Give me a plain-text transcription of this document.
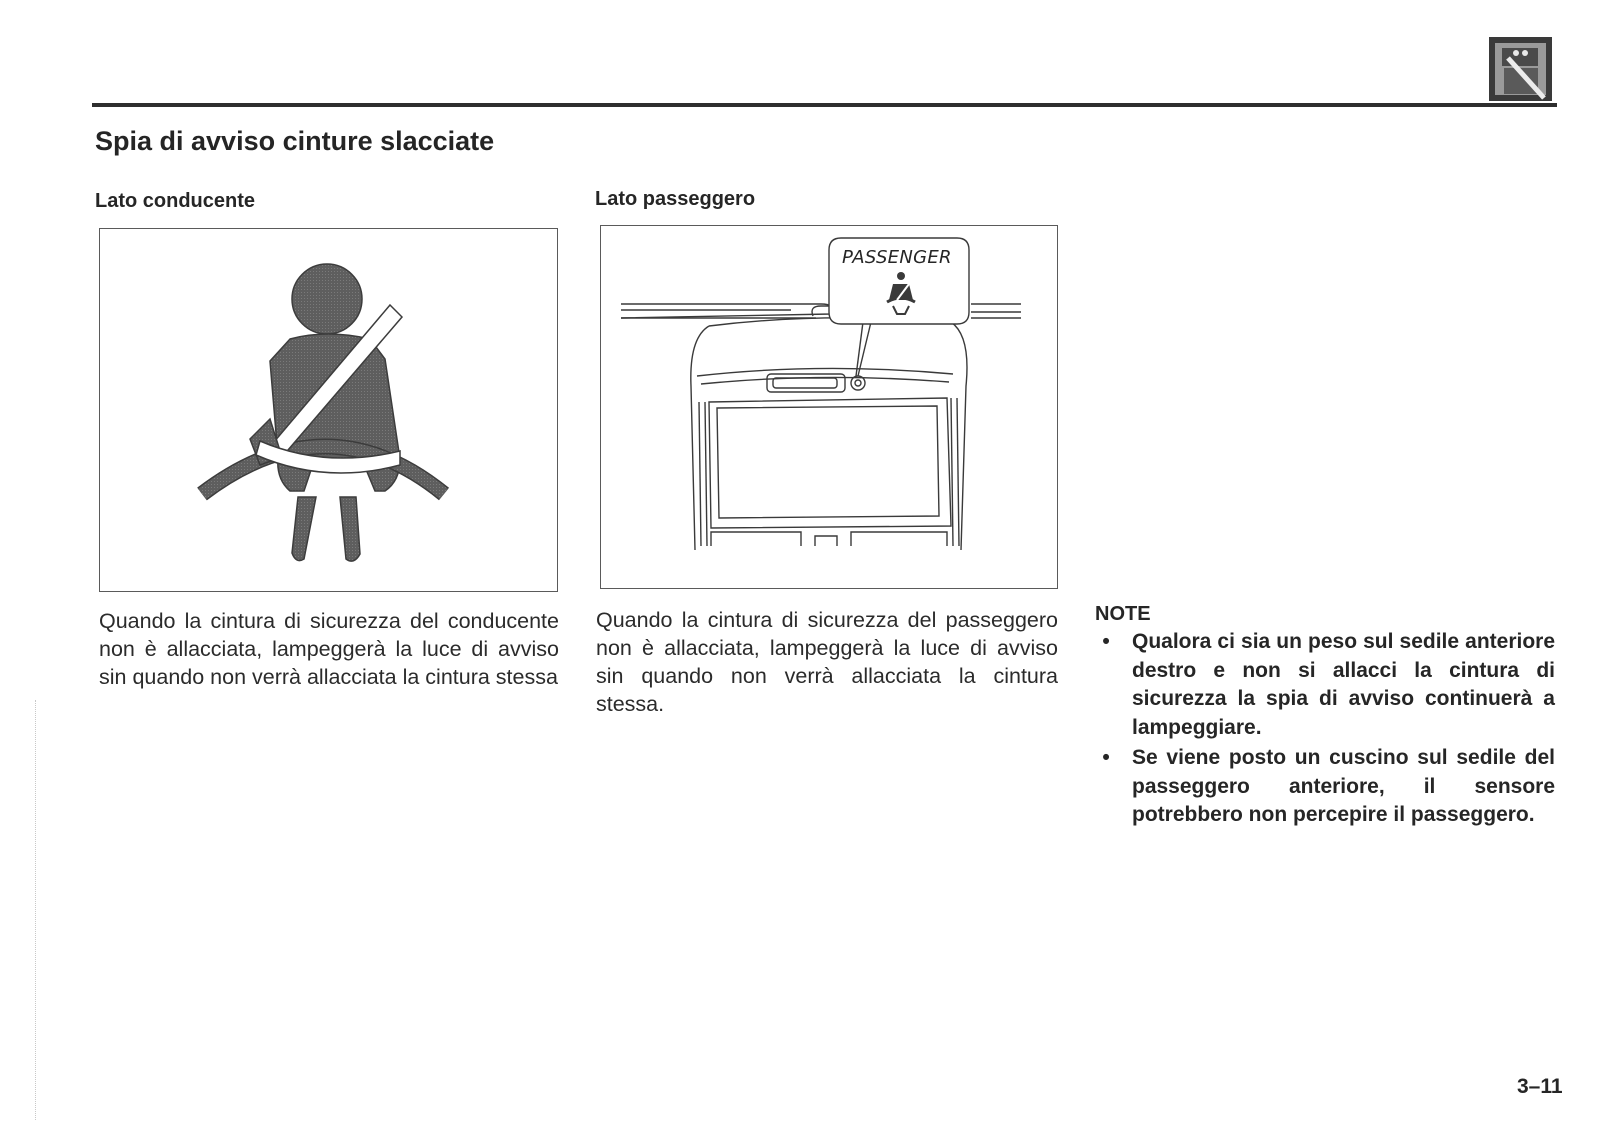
Spia di avviso cinture slacciate
Lato conducente	Lato passeggero
PASSENGER

Quando la cintura di sicurezza del conducente non è allacciata, lampeggerà la luce di avviso sin quando non verrà allacciata la cintura stessa

Quando la cintura di sicurezza del passeggero non è allacciata, lampeggerà la luce di avviso sin quando non verrà allacciata la cintura stessa.

NOTE
•	Qualora ci sia un peso sul sedile anteriore destro e non si allacci la cintura di sicurezza la spia di avviso continuerà a lampeggiare.
•	Se viene posto un cuscino sul sedile del passeggero anteriore, il sensore potrebbero non percepire il passeggero.

3–11
